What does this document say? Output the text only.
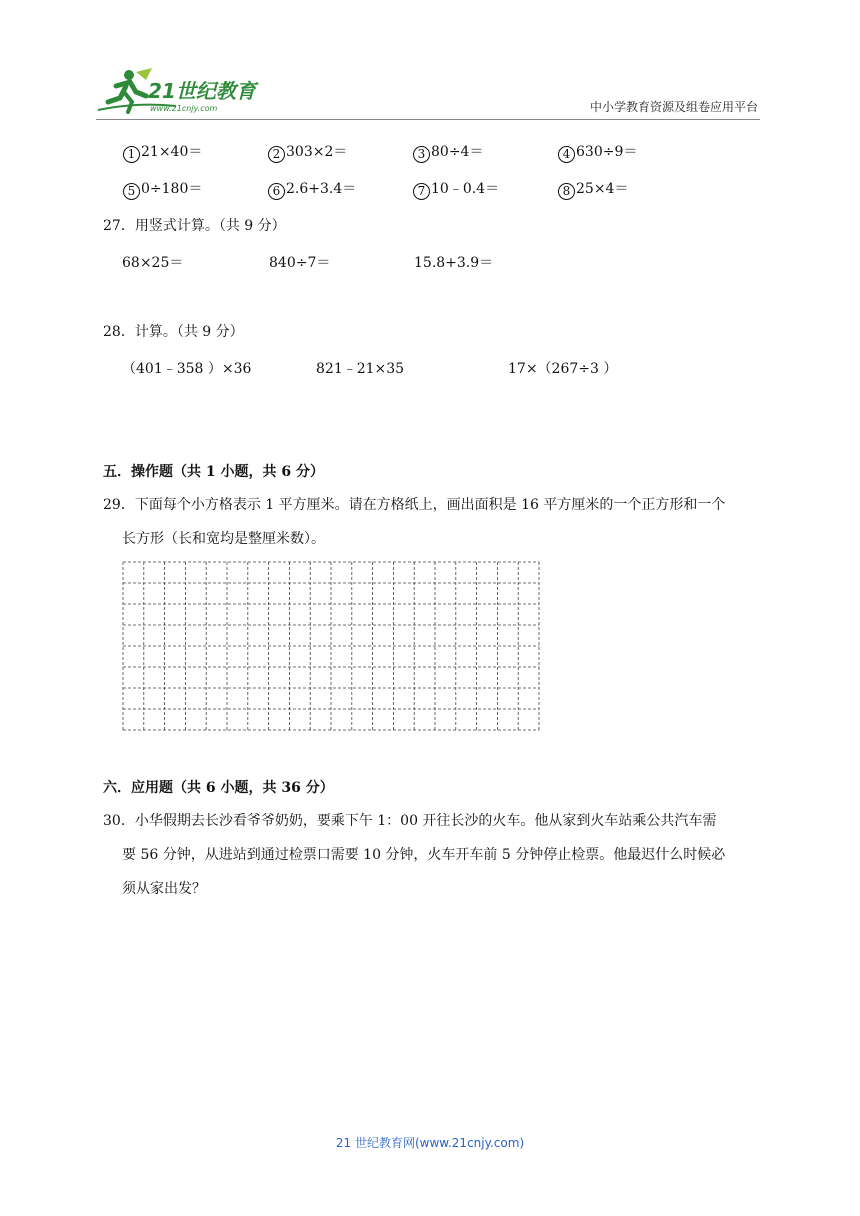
21世纪教育
www.21cnjy.com	中小学教育资源及组卷应用平台
1 21×40＝	2 303×2＝	3 80÷4＝	4 630÷9＝
5 0÷180＝	6 2.6+3.4＝	7 10﹣0.4＝	8 25×4＝
27．用竖式计算。（共 9 分）
68×25＝	840÷7＝	15.8+3.9＝
28．计算。（共 9 分）
（401﹣358 ）×36	821﹣21×35	17×（267÷3 ）
五．操作题（共 1 小题，共 6 分）
29．下面每个小方格表示 1 平方厘米。请在方格纸上，画出面积是 16 平方厘米的一个正方形和一个
长方形（长和宽均是整厘米数）。
六．应用题（共 6 小题，共 36 分）
30．小华假期去长沙看爷爷奶奶，要乘下午 1：00 开往长沙的火车。他从家到火车站乘公共汽车需
要 56 分钟，从进站到通过检票口需要 10 分钟，火车开车前 5 分钟停止检票。他最迟什么时候必
须从家出发？
21 世纪教育网(www.21cnjy.com)
